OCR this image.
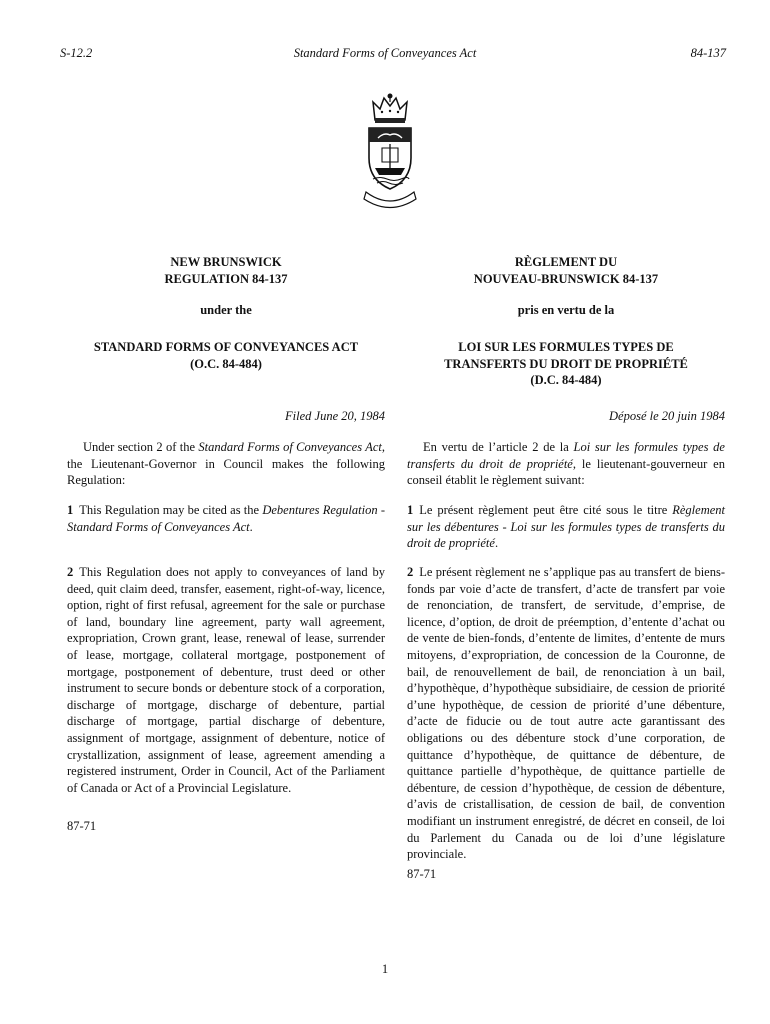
S-12.2	Standard Forms of Conveyances Act	84-137
NEW BRUNSWICK
REGULATION 84-137
under the
STANDARD FORMS OF CONVEYANCES ACT
(O.C. 84-484)
Filed June 20, 1984
Under section 2 of the Standard Forms of Conveyances Act, the Lieutenant-Governor in Council makes the following Regulation:
1 This Regulation may be cited as the Debentures Regulation - Standard Forms of Conveyances Act.
2 This Regulation does not apply to conveyances of land by deed, quit claim deed, transfer, easement, right-of-way, licence, option, right of first refusal, agreement for the sale or purchase of land, boundary line agreement, party wall agreement, expropriation, Crown grant, lease, renewal of lease, surrender of lease, mortgage, collateral mortgage, postponement of mortgage, postponement of debenture, trust deed or other instrument to secure bonds or debenture stock of a corporation, discharge of mortgage, discharge of debenture, partial discharge of mortgage, partial discharge of debenture, assignment of mortgage, assignment of debenture, notice of crystallization, assignment of lease, agreement amending a registered instrument, Order in Council, Act of the Parliament of Canada or Act of a Provincial Legislature.
87-71
RÈGLEMENT DU
NOUVEAU-BRUNSWICK 84-137
pris en vertu de la
LOI SUR LES FORMULES TYPES DE
TRANSFERTS DU DROIT DE PROPRIÉTÉ
(D.C. 84-484)
Déposé le 20 juin 1984
En vertu de l’article 2 de la Loi sur les formules types de transferts du droit de propriété, le lieutenant-gouverneur en conseil établit le règlement suivant:
1 Le présent règlement peut être cité sous le titre Règlement sur les débentures - Loi sur les formules types de transferts du droit de propriété.
2 Le présent règlement ne s’applique pas au transfert de biens-fonds par voie d’acte de transfert, d’acte de transfert par voie de renonciation, de transfert, de servitude, d’emprise, de licence, d’option, de droit de préemption, d’entente d’achat ou de vente de bien-fonds, d’entente de limites, d’entente de murs mitoyens, d’expropriation, de concession de la Couronne, de bail, de renouvellement de bail, de renonciation à un bail, d’hypothèque, d’hypothèque subsidiaire, de cession de priorité d’une hypothèque, de cession de priorité d’une débenture, d’acte de fiducie ou de tout autre acte garantissant des obligations ou des débenture stock d’une corporation, de quittance d’hypothèque, de quittance de débenture, de quittance partielle d’hypothèque, de quittance partielle de débenture, de cession d’hypothèque, de cession de débenture, d’avis de cristallisation, de cession de bail, de convention modifiant un instrument enregistré, de décret en conseil, de loi du Parlement du Canada ou de loi d’une législature provinciale.
87-71
1
